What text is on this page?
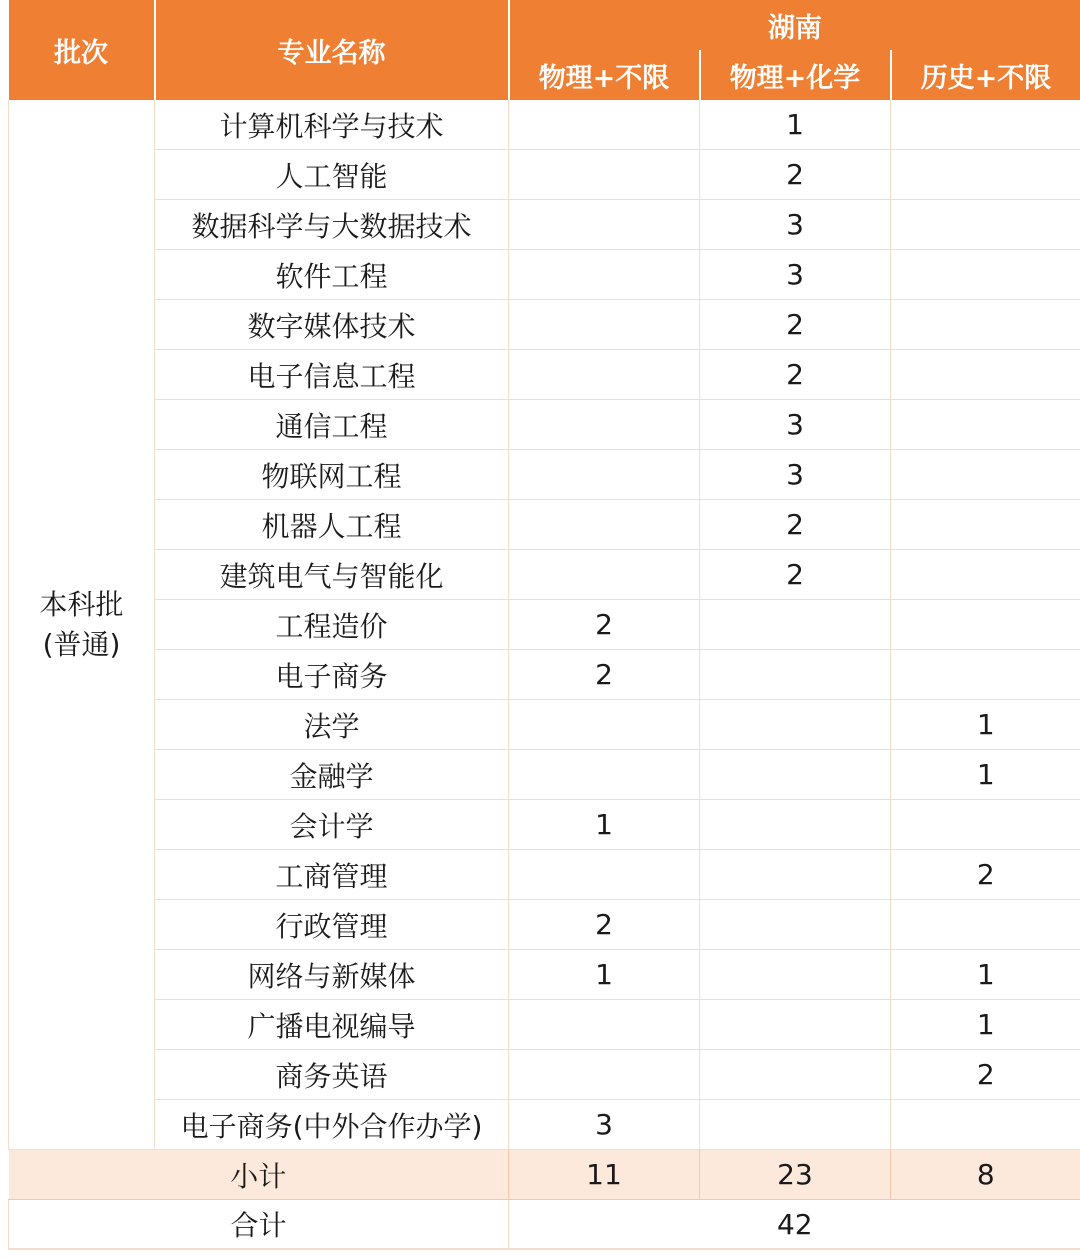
批次	专业名称	湖南		
		物理+不限	物理+化学	历史+不限
本科批
(普通)	计算机科学与技术		1	
	人工智能		2	
	数据科学与大数据技术		3	
	软件工程		3	
	数字媒体技术		2	
	电子信息工程		2	
	通信工程		3	
	物联网工程		3	
	机器人工程		2	
	建筑电气与智能化		2	
	工程造价	2		
	电子商务	2		
	法学			1
	金融学			1
	会计学	1		
	工商管理			2
	行政管理	2		
	网络与新媒体	1		1
	广播电视编导			1
	商务英语			2
	电子商务(中外合作办学)	3		
小计		11	23	8
合计		42		
